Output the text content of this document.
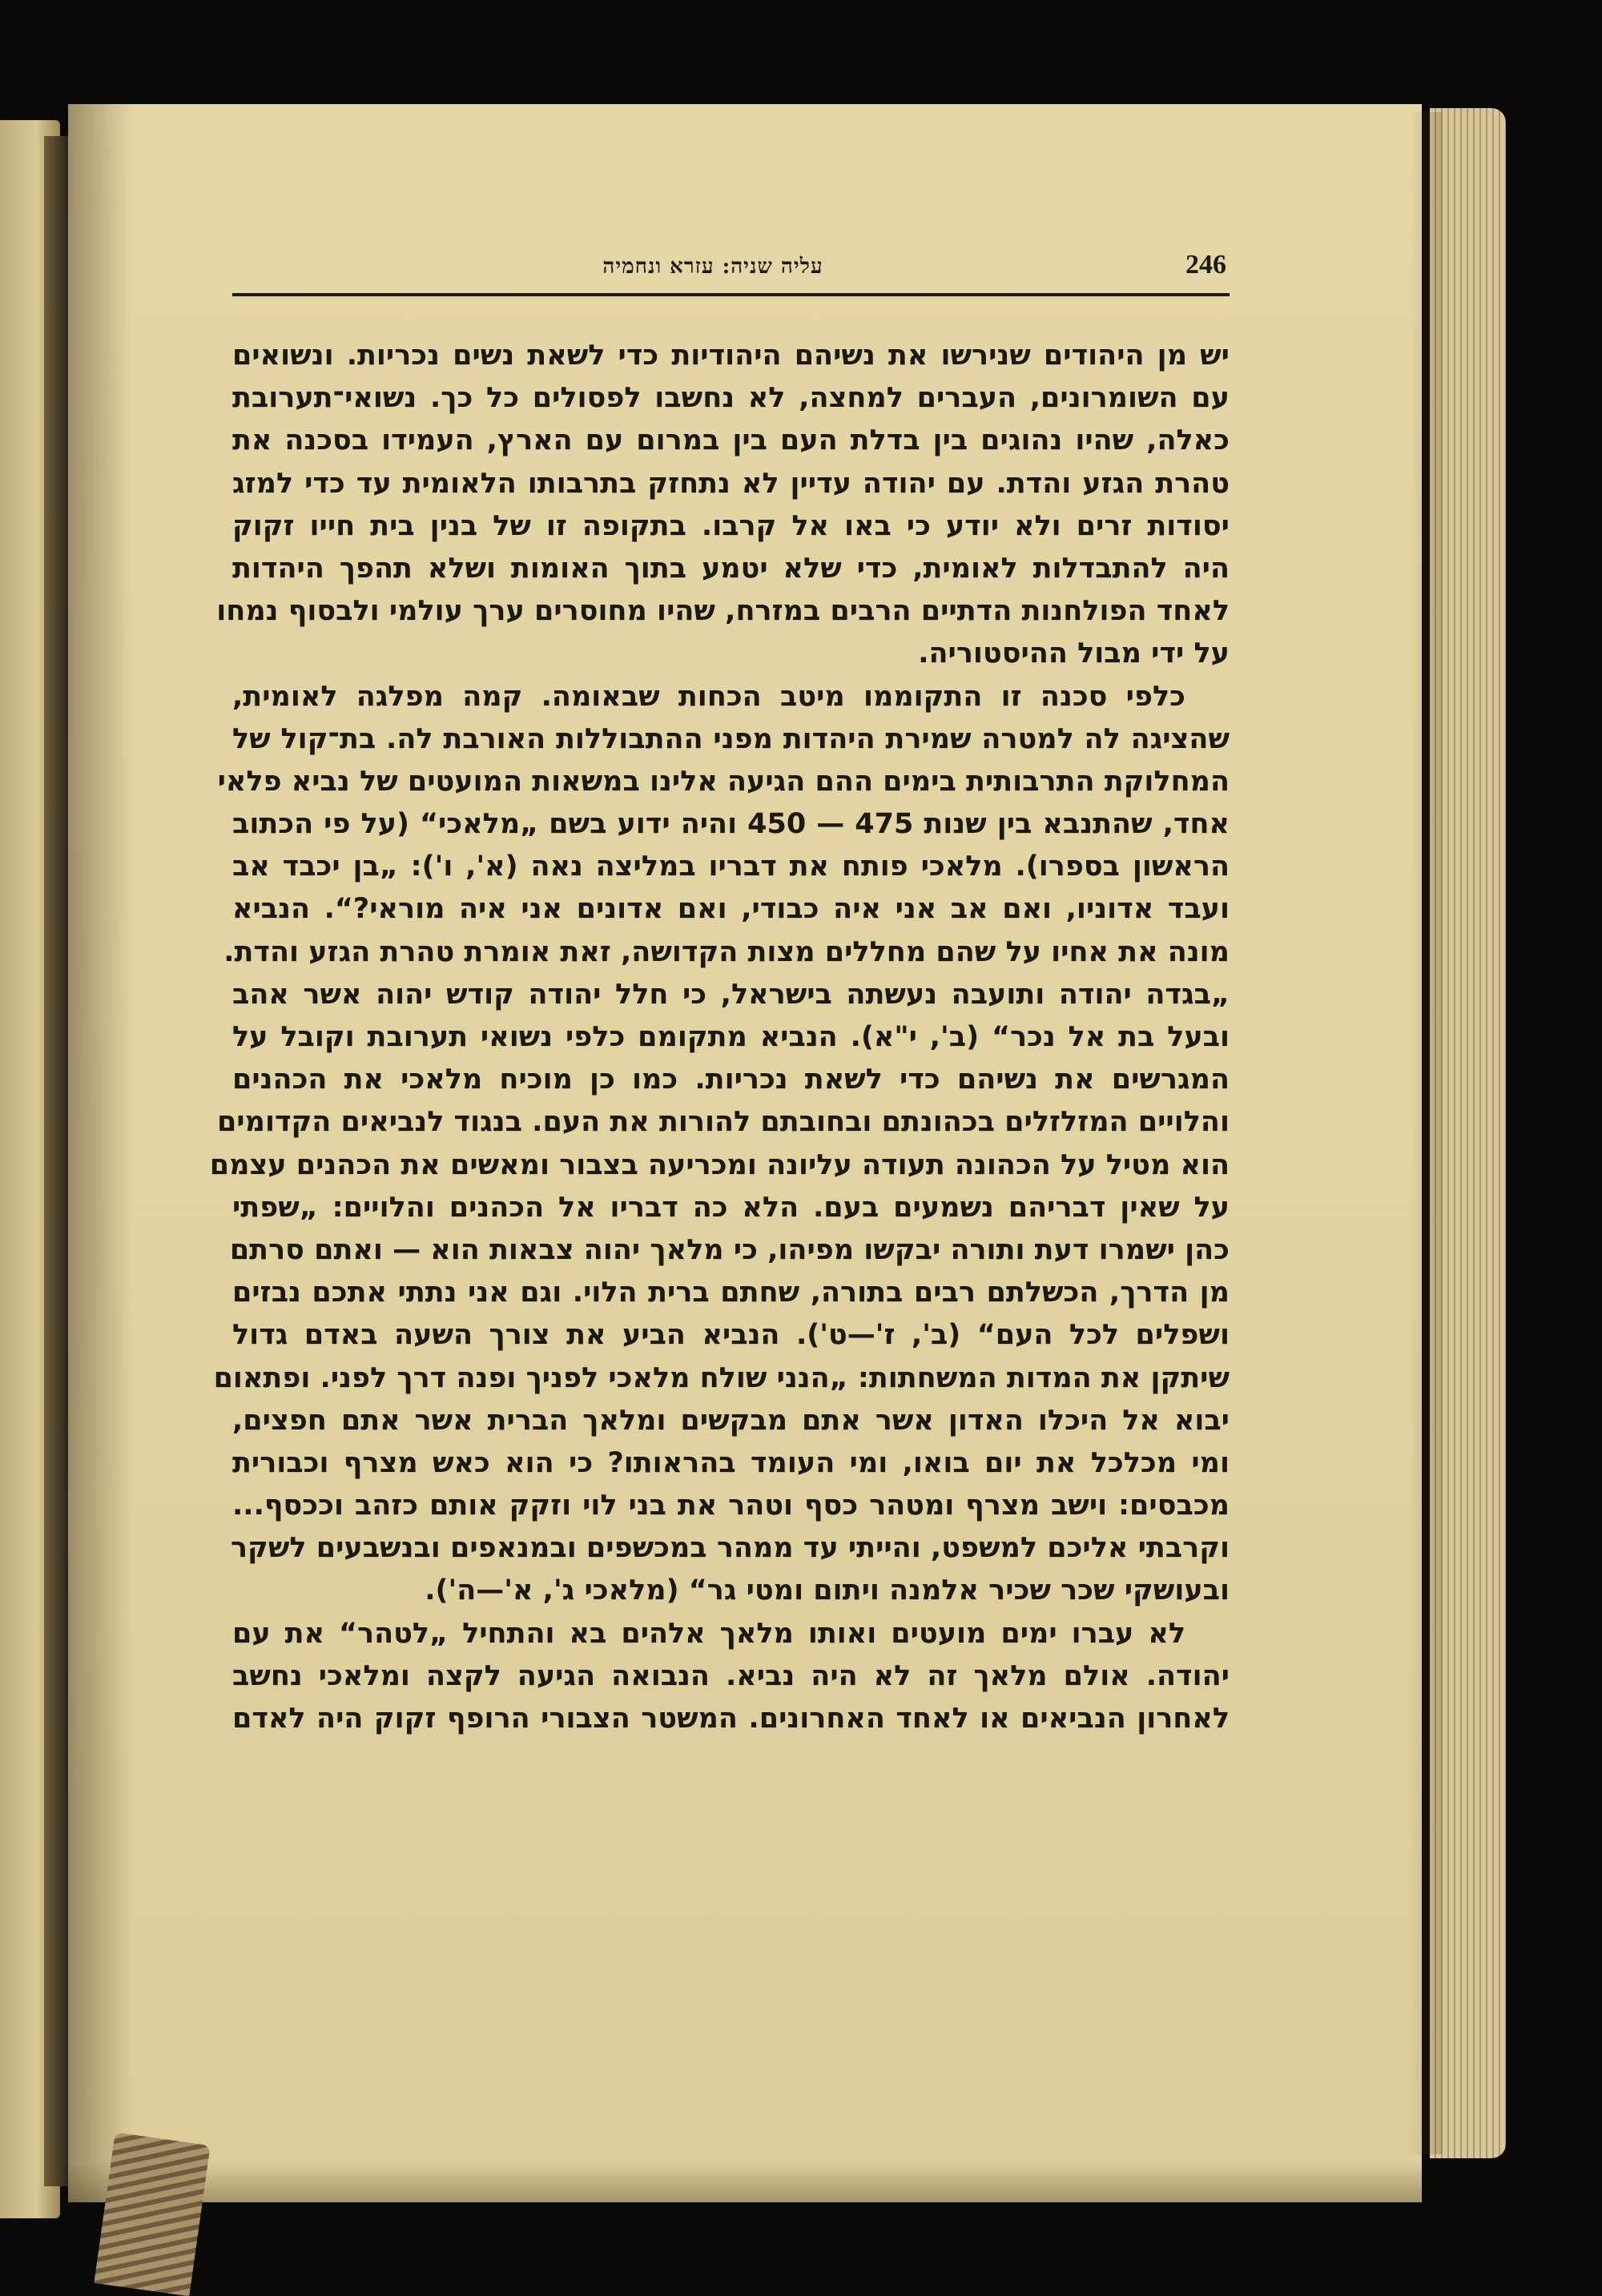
עליה שניה: עזרא ונחמיה	246
יש מן היהודים שנירשו את נשיהם היהודיות כדי לשאת נשים נכריות. ונשואים
עם השומרונים, העברים למחצה, לא נחשבו לפסולים כל כך. נשואי־תערובת
כאלה, שהיו נהוגים בין בדלת העם בין במרום עם הארץ, העמידו בסכנה את
טהרת הגזע והדת. עם יהודה עדיין לא נתחזק בתרבותו הלאומית עד כדי למזג
יסודות זרים ולא יודע כי באו אל קרבו. בתקופה זו של בנין בית חייו זקוק
היה להתבדלות לאומית, כדי שלא יטמע בתוך האומות ושלא תהפך היהדות
לאחד הפולחנות הדתיים הרבים במזרח, שהיו מחוסרים ערך עולמי ולבסוף נמחו
על ידי מבול ההיסטוריה.
כלפי סכנה זו התקוממו מיטב הכחות שבאומה. קמה מפלגה לאומית,
שהציגה לה למטרה שמירת היהדות מפני ההתבוללות האורבת לה. בת־קול של
המחלוקת התרבותית בימים ההם הגיעה אלינו במשאות המועטים של נביא פלאי
אחד, שהתנבא בין שנות 475 — 450 והיה ידוע בשם „מלאכי“ (על פי הכתוב
הראשון בספרו). מלאכי פותח את דבריו במליצה נאה (א', ו'): „בן יכבד אב
ועבד אדוניו, ואם אב אני איה כבודי, ואם אדונים אני איה מוראי?“. הנביא
מונה את אחיו על שהם מחללים מצות הקדושה, זאת אומרת טהרת הגזע והדת.
„בגדה יהודה ותועבה נעשתה בישראל, כי חלל יהודה קודש יהוה אשר אהב
ובעל בת אל נכר“ (ב', י"א). הנביא מתקומם כלפי נשואי תערובת וקובל על
המגרשים את נשיהם כדי לשאת נכריות. כמו כן מוכיח מלאכי את הכהנים
והלויים המזלזלים בכהונתם ובחובתם להורות את העם. בנגוד לנביאים הקדומים
הוא מטיל על הכהונה תעודה עליונה ומכריעה בצבור ומאשים את הכהנים עצמם
על שאין דבריהם נשמעים בעם. הלא כה דבריו אל הכהנים והלויים: „שפתי
כהן ישמרו דעת ותורה יבקשו מפיהו, כי מלאך יהוה צבאות הוא — ואתם סרתם
מן הדרך, הכשלתם רבים בתורה, שחתם ברית הלוי. וגם אני נתתי אתכם נבזים
ושפלים לכל העם“ (ב', ז'—ט'). הנביא הביע את צורך השעה באדם גדול
שיתקן את המדות המשחתות: „הנני שולח מלאכי לפניך ופנה דרך לפני. ופתאום
יבוא אל היכלו האדון אשר אתם מבקשים ומלאך הברית אשר אתם חפצים,
ומי מכלכל את יום בואו, ומי העומד בהראותו? כי הוא כאש מצרף וכבורית
מכבסים: וישב מצרף ומטהר כסף וטהר את בני לוי וזקק אותם כזהב וככסף...
וקרבתי אליכם למשפט, והייתי עד ממהר במכשפים ובמנאפים ובנשבעים לשקר
ובעושקי שכר שכיר אלמנה ויתום ומטי גר“ (מלאכי ג', א'—ה').
לא עברו ימים מועטים ואותו מלאך אלהים בא והתחיל „לטהר“ את עם
יהודה. אולם מלאך זה לא היה נביא. הנבואה הגיעה לקצה ומלאכי נחשב
לאחרון הנביאים או לאחד האחרונים. המשטר הצבורי הרופף זקוק היה לאדם
